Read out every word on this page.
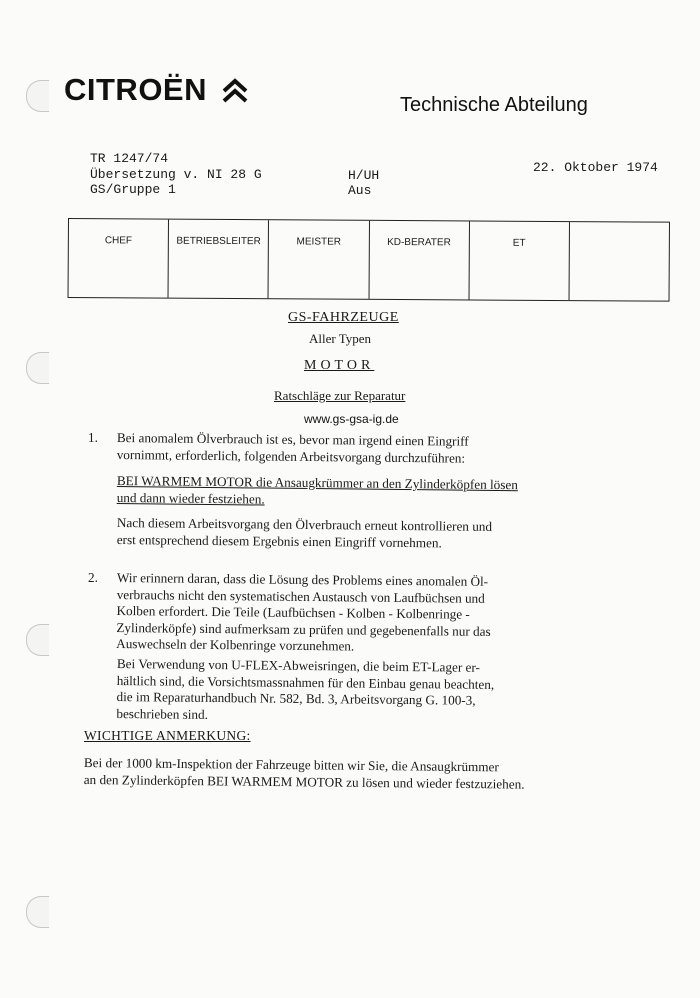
CITROËN	Technische Abteilung
TR 1247/74
Übersetzung v. NI 28 G
GS/Gruppe 1
H/UH
Aus
22. Oktober 1974
CHEF	BETRIEBSLEITER	MEISTER	KD-BERATER	ET
GS-FAHRZEUGE
Aller Typen
MOTOR
Ratschläge zur Reparatur
www.gs-gsa-ig.de
1. Bei anomalem Ölverbrauch ist es, bevor man irgend einen Eingriff
vornimmt, erforderlich, folgenden Arbeitsvorgang durchzuführen:
BEI WARMEM MOTOR die Ansaugkrümmer an den Zylinderköpfen lösen
und dann wieder festziehen.
Nach diesem Arbeitsvorgang den Ölverbrauch erneut kontrollieren und
erst entsprechend diesem Ergebnis einen Eingriff vornehmen.
2. Wir erinnern daran, dass die Lösung des Problems eines anomalen Öl-
verbrauchs nicht den systematischen Austausch von Laufbüchsen und
Kolben erfordert. Die Teile (Laufbüchsen - Kolben - Kolbenringe -
Zylinderköpfe) sind aufmerksam zu prüfen und gegebenenfalls nur das
Auswechseln der Kolbenringe vorzunehmen.
Bei Verwendung von U-FLEX-Abweisringen, die beim ET-Lager er-
hältlich sind, die Vorsichtsmassnahmen für den Einbau genau beachten,
die im Reparaturhandbuch Nr. 582, Bd. 3, Arbeitsvorgang G. 100-3,
beschrieben sind.
WICHTIGE ANMERKUNG:
Bei der 1000 km-Inspektion der Fahrzeuge bitten wir Sie, die Ansaugkrümmer
an den Zylinderköpfen BEI WARMEM MOTOR zu lösen und wieder festzuziehen.
